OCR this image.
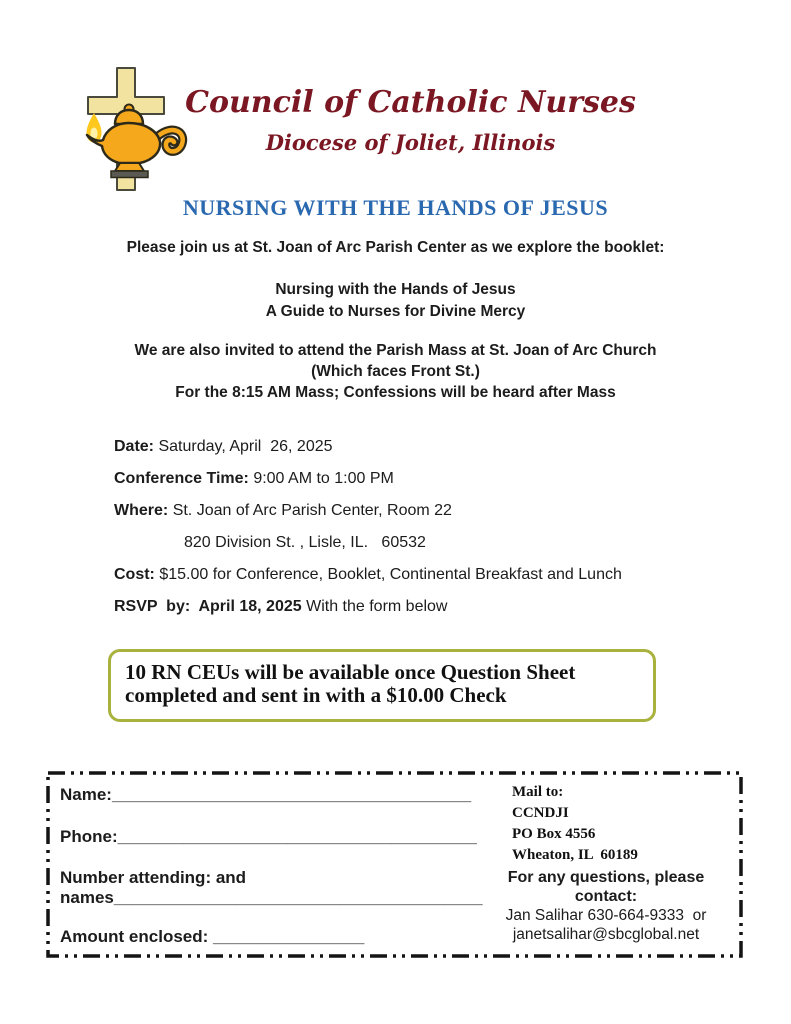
Council of Catholic Nurses
Diocese of Joliet, Illinois
NURSING WITH THE HANDS OF JESUS
Please join us at St. Joan of Arc Parish Center as we explore the booklet:
Nursing with the Hands of Jesus
A Guide to Nurses for Divine Mercy
We are also invited to attend the Parish Mass at St. Joan of Arc Church
(Which faces Front St.)
For the 8:15 AM Mass; Confessions will be heard after Mass
Date: Saturday, April  26, 2025
Conference Time: 9:00 AM to 1:00 PM
Where: St. Joan of Arc Parish Center, Room 22
820 Division St. , Lisle, IL.   60532
Cost: $15.00 for Conference, Booklet, Continental Breakfast and Lunch
RSVP  by:  April 18, 2025 With the form below
10 RN CEUs will be available once Question Sheet
completed and sent in with a $10.00 Check
Name:______________________________________
Phone:______________________________________
Number attending: and
names_______________________________________
Amount enclosed: ________________
Mail to:
CCNDJI
PO Box 4556
Wheaton, IL  60189
For any questions, please contact:
Jan Salihar 630-664-9333  or
janetsalihar@sbcglobal.net
